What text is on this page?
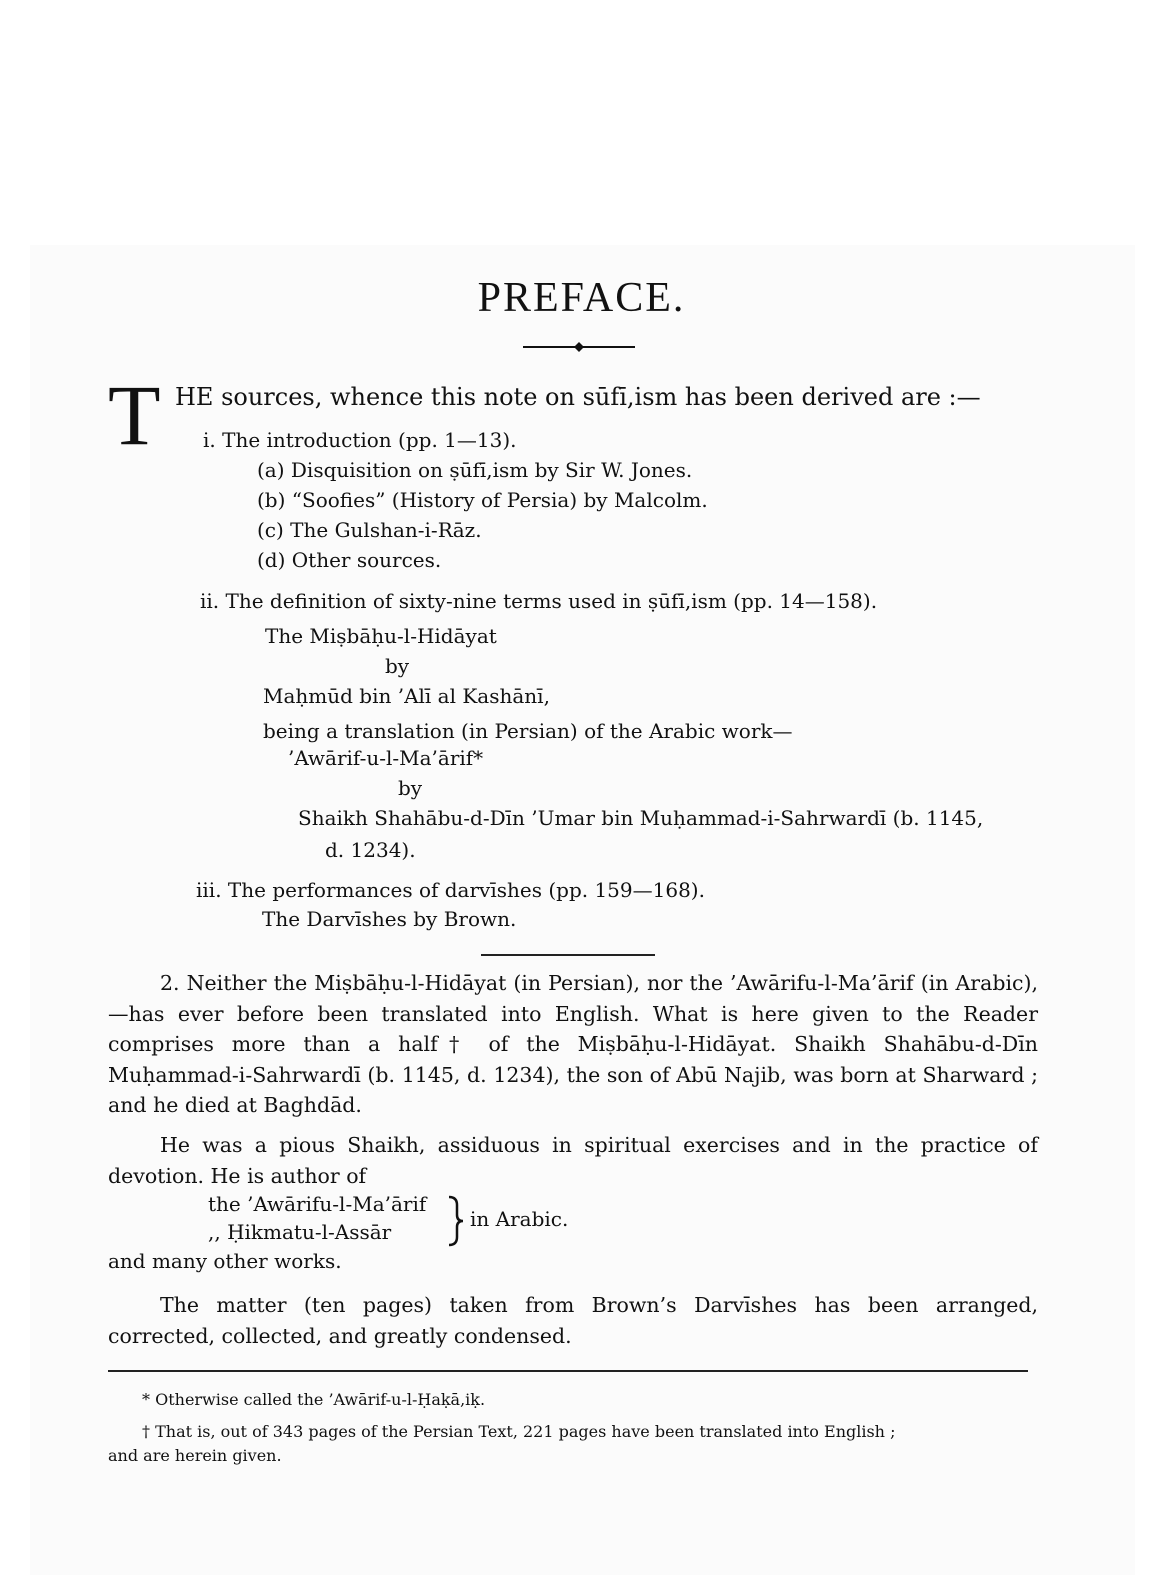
PREFACE.
T HE sources, whence this note on sūfī,ism has been derived are :—
i. The introduction (pp. 1—13).
(a) Disquisition on ṣūfī,ism by Sir W. Jones.
(b) “Soofies” (History of Persia) by Malcolm.
(c) The Gulshan-i-Rāz.
(d) Other sources.
ii. The definition of sixty-nine terms used in ṣūfī,ism (pp. 14—158).
The Miṣbāḥu-l-Hidāyat
by
Maḥmūd bin ’Alī al Kashānī,
being a translation (in Persian) of the Arabic work—
’Awārif-u-l-Ma’ārif*
by
Shaikh Shahābu-d-Dīn ’Umar bin Muḥammad-i-Sahrwardī (b. 1145,
d. 1234).
iii. The performances of darvīshes (pp. 159—168).
The Darvīshes by Brown.
2. Neither the Miṣbāḥu-l-Hidāyat (in Persian), nor the ’Awārifu-l-Ma’ārif (in Arabic),—has ever before been translated into English. What is here given to the Reader comprises more than a half† of the Miṣbāḥu-l-Hidāyat. Shaikh Shahābu-d-Dīn Muḥammad-i-Sahrwardī (b. 1145, d. 1234), the son of Abū Najib, was born at Sharward ; and he died at Baghdād.
He was a pious Shaikh, assiduous in spiritual exercises and in the practice of devotion. He is author of
the ’Awārifu-l-Ma’ārif
,, Ḥikmatu-l-Assār
in Arabic.
and many other works.
The matter (ten pages) taken from Brown’s Darvīshes has been arranged, corrected, collected, and greatly condensed.
* Otherwise called the ’Awārif-u-l-Ḥaḳā,iḳ.
† That is, out of 343 pages of the Persian Text, 221 pages have been translated into English ;
and are herein given.
